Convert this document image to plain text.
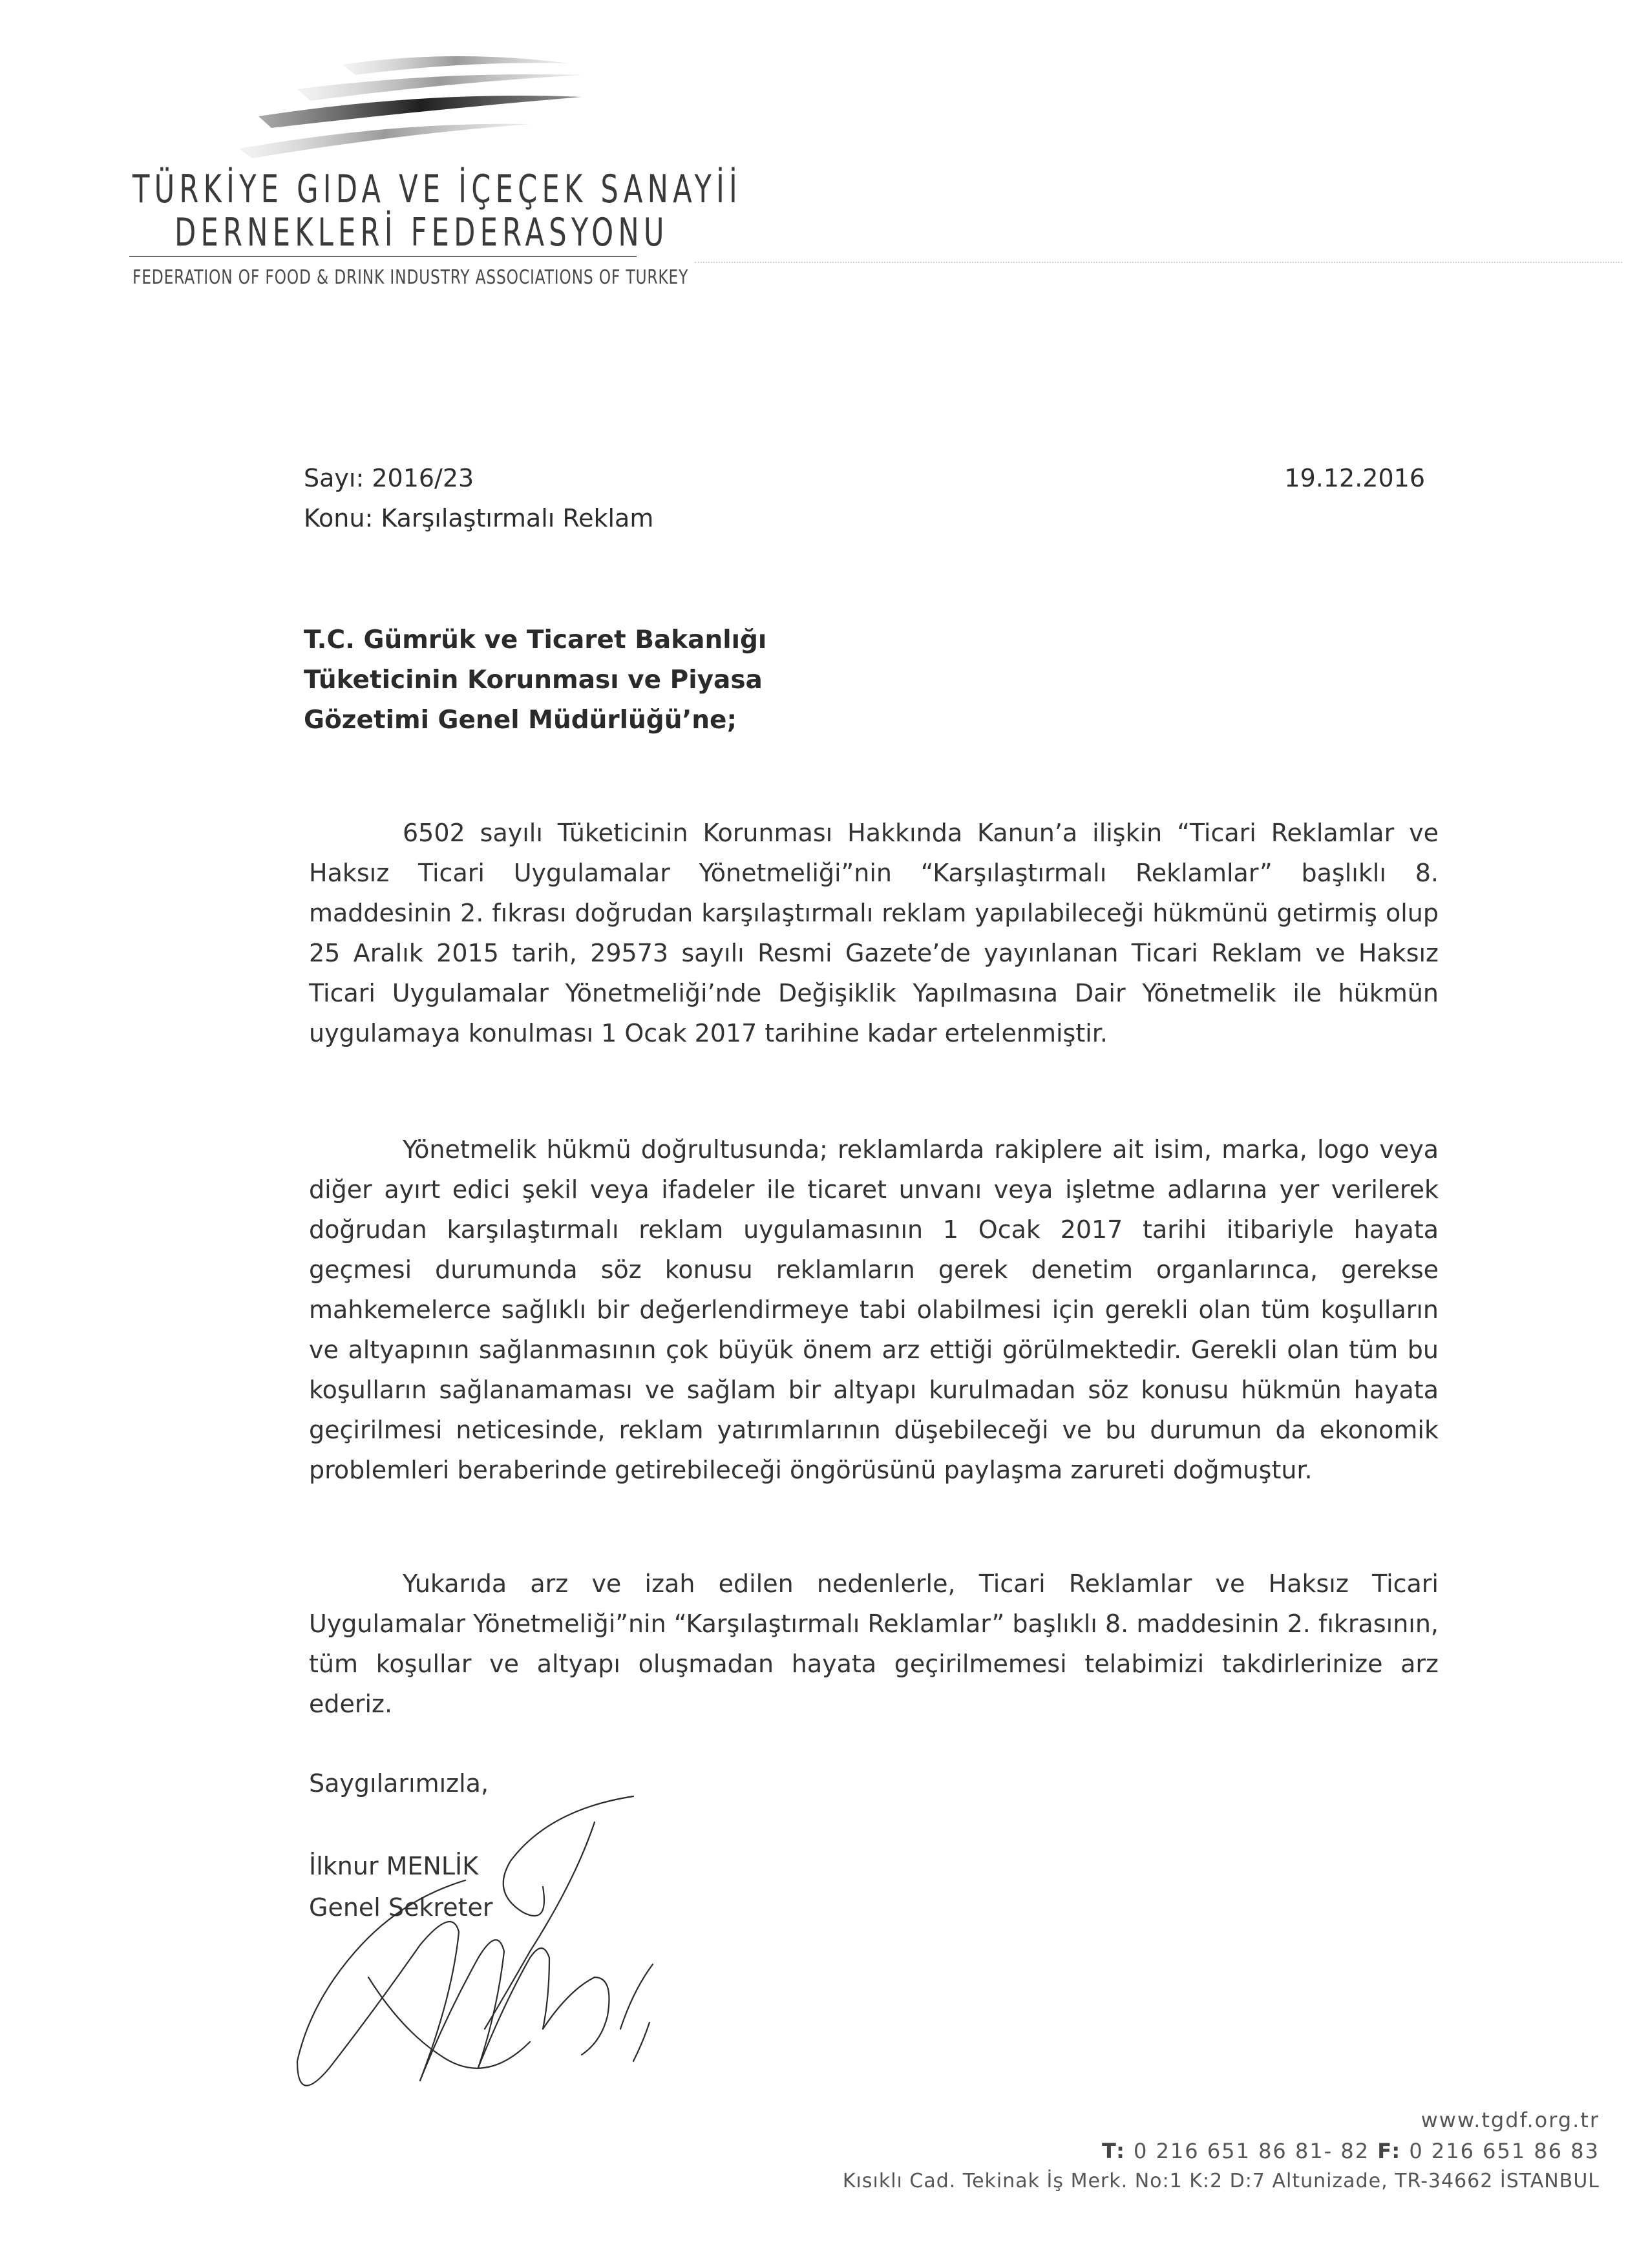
TÜRKİYE GIDA VE İÇEÇEK SANAYİİ
DERNEKLERİ FEDERASYONU
FEDERATION OF FOOD & DRINK INDUSTRY ASSOCIATIONS OF TURKEY
Sayı: 2016/23
Konu: Karşılaştırmalı Reklam
19.12.2016
T.C. Gümrük ve Ticaret Bakanlığı
Tüketicinin Korunması ve Piyasa
Gözetimi Genel Müdürlüğü’ne;

6502 sayılı Tüketicinin Korunması Hakkında Kanun’a ilişkin “Ticari Reklamlar ve Haksız Ticari Uygulamalar Yönetmeliği”nin “Karşılaştırmalı Reklamlar” başlıklı 8. maddesinin 2. fıkrası doğrudan karşılaştırmalı reklam yapılabileceği hükmünü getirmiş olup 25 Aralık 2015 tarih, 29573 sayılı Resmi Gazete’de yayınlanan Ticari Reklam ve Haksız Ticari Uygulamalar Yönetmeliği’nde Değişiklik Yapılmasına Dair Yönetmelik ile hükmün uygulamaya konulması 1 Ocak 2017 tarihine kadar ertelenmiştir.

Yönetmelik hükmü doğrultusunda; reklamlarda rakiplere ait isim, marka, logo veya diğer ayırt edici şekil veya ifadeler ile ticaret unvanı veya işletme adlarına yer verilerek doğrudan karşılaştırmalı reklam uygulamasının 1 Ocak 2017 tarihi itibariyle hayata geçmesi durumunda söz konusu reklamların gerek denetim organlarınca, gerekse mahkemelerce sağlıklı bir değerlendirmeye tabi olabilmesi için gerekli olan tüm koşulların ve altyapının sağlanmasının çok büyük önem arz ettiği görülmektedir. Gerekli olan tüm bu koşulların sağlanamaması ve sağlam bir altyapı kurulmadan söz konusu hükmün hayata geçirilmesi neticesinde, reklam yatırımlarının düşebileceği ve bu durumun da ekonomik problemleri beraberinde getirebileceği öngörüsünü paylaşma zarureti doğmuştur.

Yukarıda arz ve izah edilen nedenlerle, Ticari Reklamlar ve Haksız Ticari Uygulamalar Yönetmeliği”nin “Karşılaştırmalı Reklamlar” başlıklı 8. maddesinin 2. fıkrasının, tüm koşullar ve altyapı oluşmadan hayata geçirilmemesi telabimizi takdirlerinize arz ederiz.

Saygılarımızla,
İlknur MENLİK
Genel Sekreter
www.tgdf.org.tr
T: 0 216 651 86 81- 82 F: 0 216 651 86 83
Kısıklı Cad. Tekinak İş Merk. No:1 K:2 D:7 Altunizade, TR-34662 İSTANBUL
